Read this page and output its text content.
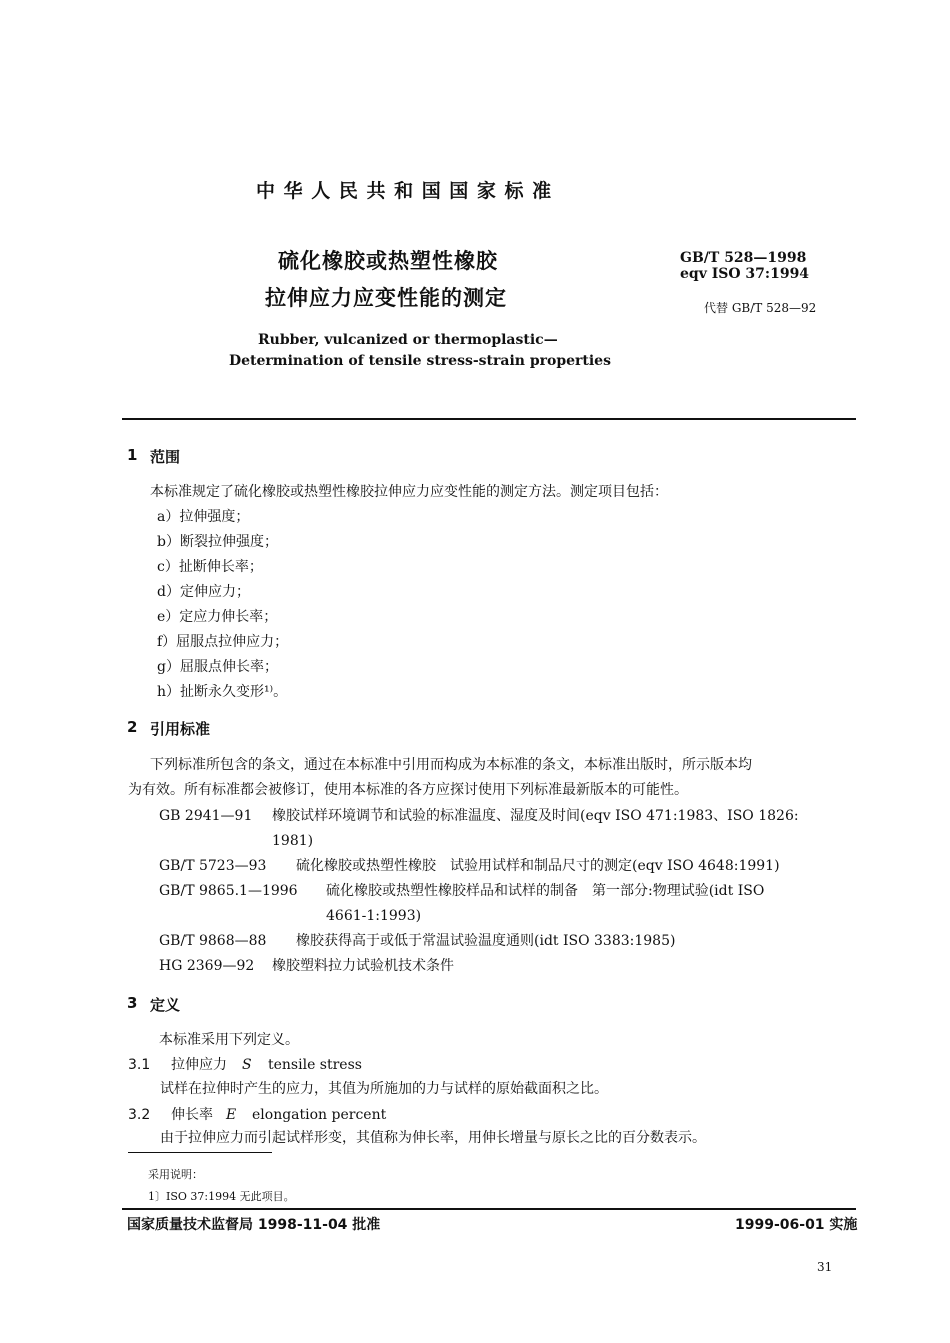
中 华 人 民 共 和 国 国 家 标 准
硫化橡胶或热塑性橡胶
拉伸应力应变性能的测定
GB/T 528—1998
eqv ISO 37:1994
代替 GB/T 528—92
Rubber, vulcanized or thermoplastic—
Determination of tensile stress-strain properties
1 范围
本标准规定了硫化橡胶或热塑性橡胶拉伸应力应变性能的测定方法。测定项目包括：
a）拉伸强度；
b）断裂拉伸强度；
c）扯断伸长率；
d）定伸应力；
e）定应力伸长率；
f）屈服点拉伸应力；
g）屈服点伸长率；
h）扯断永久变形¹⁾。
2 引用标准
下列标准所包含的条文，通过在本标准中引用而构成为本标准的条文，本标准出版时，所示版本均
为有效。所有标准都会被修订，使用本标准的各方应探讨使用下列标准最新版本的可能性。
GB 2941—91 橡胶试样环境调节和试验的标准温度、湿度及时间(eqv ISO 471:1983、ISO 1826:
1981)
GB/T 5723—93 硫化橡胶或热塑性橡胶　试验用试样和制品尺寸的测定(eqv ISO 4648:1991)
GB/T 9865.1—1996 硫化橡胶或热塑性橡胶样品和试样的制备　第一部分:物理试验(idt ISO
4661-1:1993)
GB/T 9868—88 橡胶获得高于或低于常温试验温度通则(idt ISO 3383:1985)
HG 2369—92 橡胶塑料拉力试验机技术条件
3 定义
本标准采用下列定义。
3.1 拉伸应力 S tensile stress
试样在拉伸时产生的应力，其值为所施加的力与试样的原始截面积之比。
3.2 伸长率 E elongation percent
由于拉伸应力而引起试样形变，其值称为伸长率，用伸长增量与原长之比的百分数表示。
采用说明：
1〕ISO 37:1994 无此项目。
国家质量技术监督局 1998-11-04 批准	1999-06-01 实施
31
